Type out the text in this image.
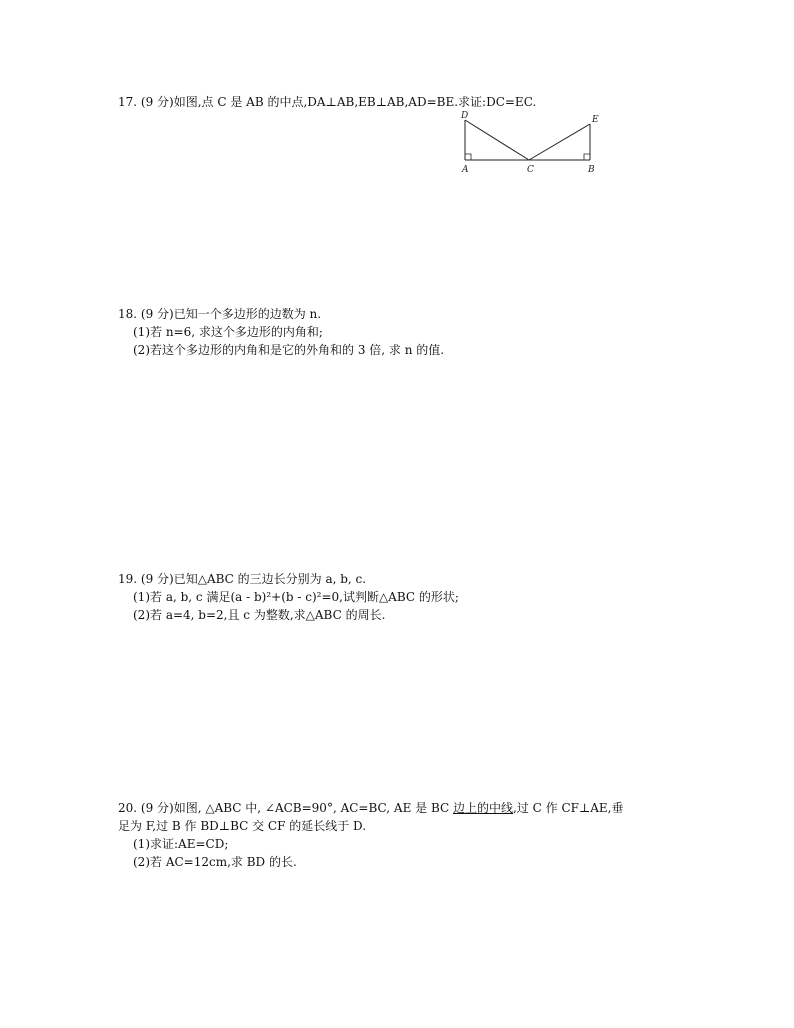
17. (9 分)如图,点 C 是 AB 的中点,DA⊥AB,EB⊥AB,AD=BE.求证:DC=EC.
D	E
A	C	B
18. (9 分)已知一个多边形的边数为 n.
(1)若 n=6, 求这个多边形的内角和;
(2)若这个多边形的内角和是它的外角和的 3 倍, 求 n 的值.
19. (9 分)已知△ABC 的三边长分别为 a, b, c.
(1)若 a, b, c 满足(a - b)²+(b - c)²=0,试判断△ABC 的形状;
(2)若 a=4, b=2,且 c 为整数,求△ABC 的周长.
20. (9 分)如图, △ABC 中, ∠ACB=90°, AC=BC, AE 是 BC 边上的中线,过 C 作 CF⊥AE,垂
足为 F,过 B 作 BD⊥BC 交 CF 的延长线于 D.
(1)求证:AE=CD;
(2)若 AC=12cm,求 BD 的长.
